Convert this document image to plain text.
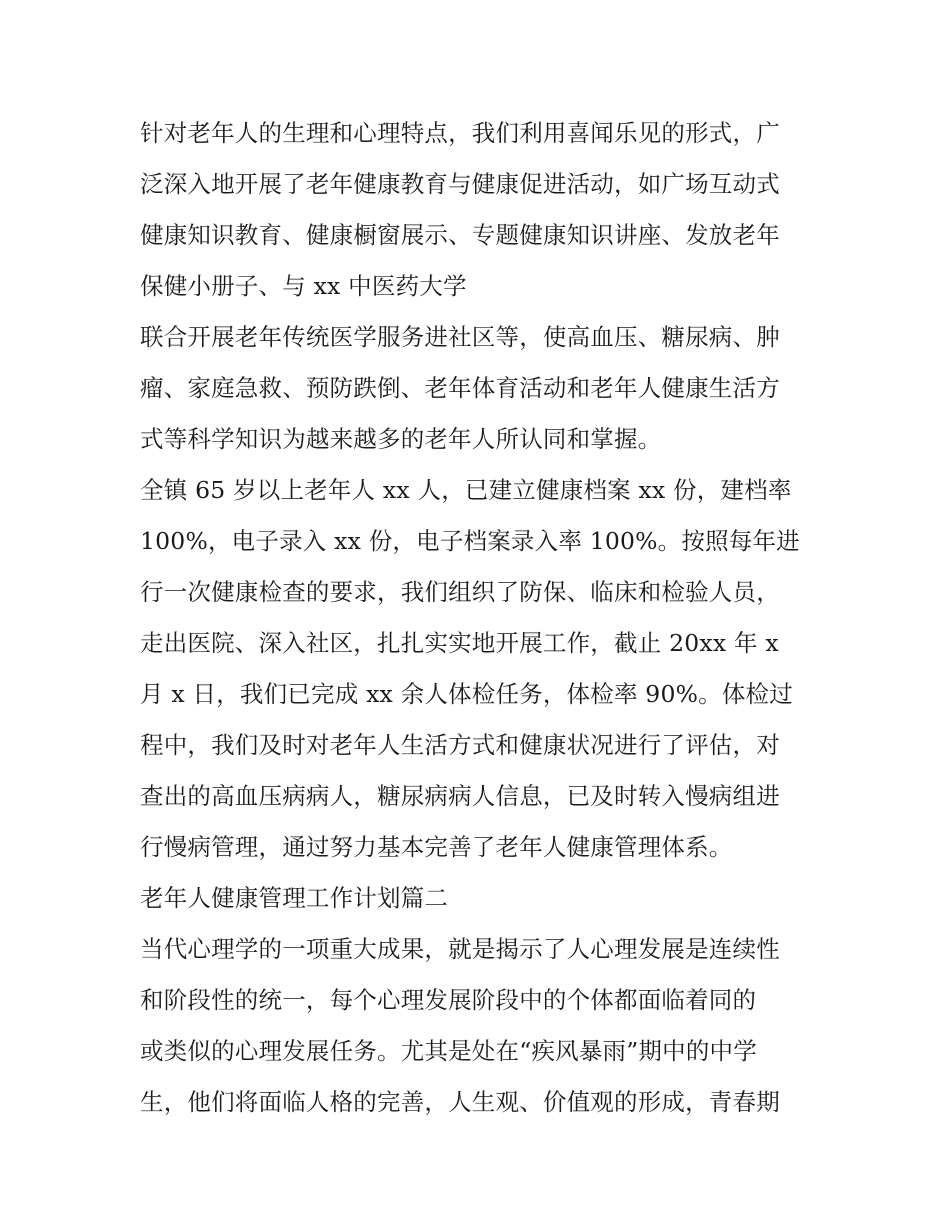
针对老年人的生理和心理特点，我们利用喜闻乐见的形式，广
泛深入地开展了老年健康教育与健康促进活动，如广场互动式
健康知识教育、健康橱窗展示、专题健康知识讲座、发放老年
保健小册子、与 xx 中医药大学
联合开展老年传统医学服务进社区等，使高血压、糖尿病、肿
瘤、家庭急救、预防跌倒、老年体育活动和老年人健康生活方
式等科学知识为越来越多的老年人所认同和掌握。
全镇 65 岁以上老年人 xx 人，已建立健康档案 xx 份，建档率
100%，电子录入 xx 份，电子档案录入率 100%。按照每年进
行一次健康检查的要求，我们组织了防保、临床和检验人员，
走出医院、深入社区，扎扎实实地开展工作，截止 20xx 年 x
月 x 日，我们已完成 xx 余人体检任务，体检率 90%。体检过
程中，我们及时对老年人生活方式和健康状况进行了评估，对
查出的高血压病病人，糖尿病病人信息，已及时转入慢病组进
行慢病管理，通过努力基本完善了老年人健康管理体系。
老年人健康管理工作计划篇二
当代心理学的一项重大成果，就是揭示了人心理发展是连续性
和阶段性的统一，每个心理发展阶段中的个体都面临着同的
或类似的心理发展任务。尤其是处在“疾风暴雨”期中的中学
生，他们将面临人格的完善，人生观、价值观的形成，青春期
